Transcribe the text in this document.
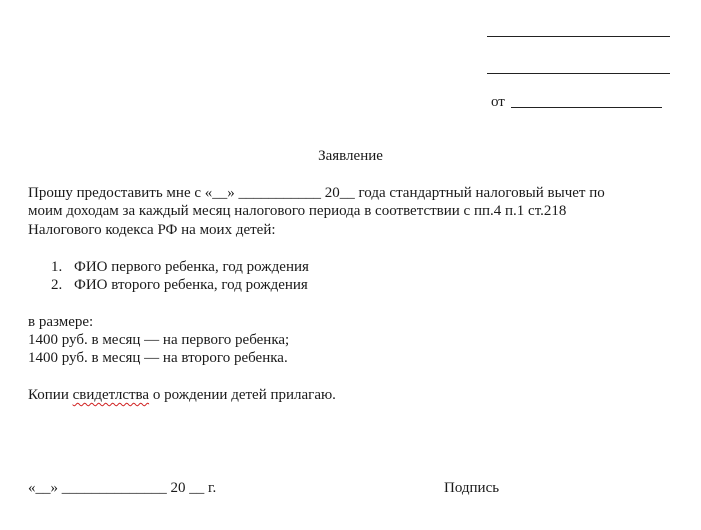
от
Заявление
Прошу предоставить мне с «__» ___________ 20__ года стандартный налоговый вычет по
моим доходам за каждый месяц налогового периода в соответствии с пп.4 п.1 ст.218
Налогового кодекса РФ на моих детей:
1. ФИО первого ребенка, год рождения
2. ФИО второго ребенка, год рождения
в размере:
1400 руб. в месяц — на первого ребенка;
1400 руб. в месяц — на второго ребенка.
Копии свидетлства о рождении детей прилагаю.
«__» ______________ 20 __ г.	Подпись
